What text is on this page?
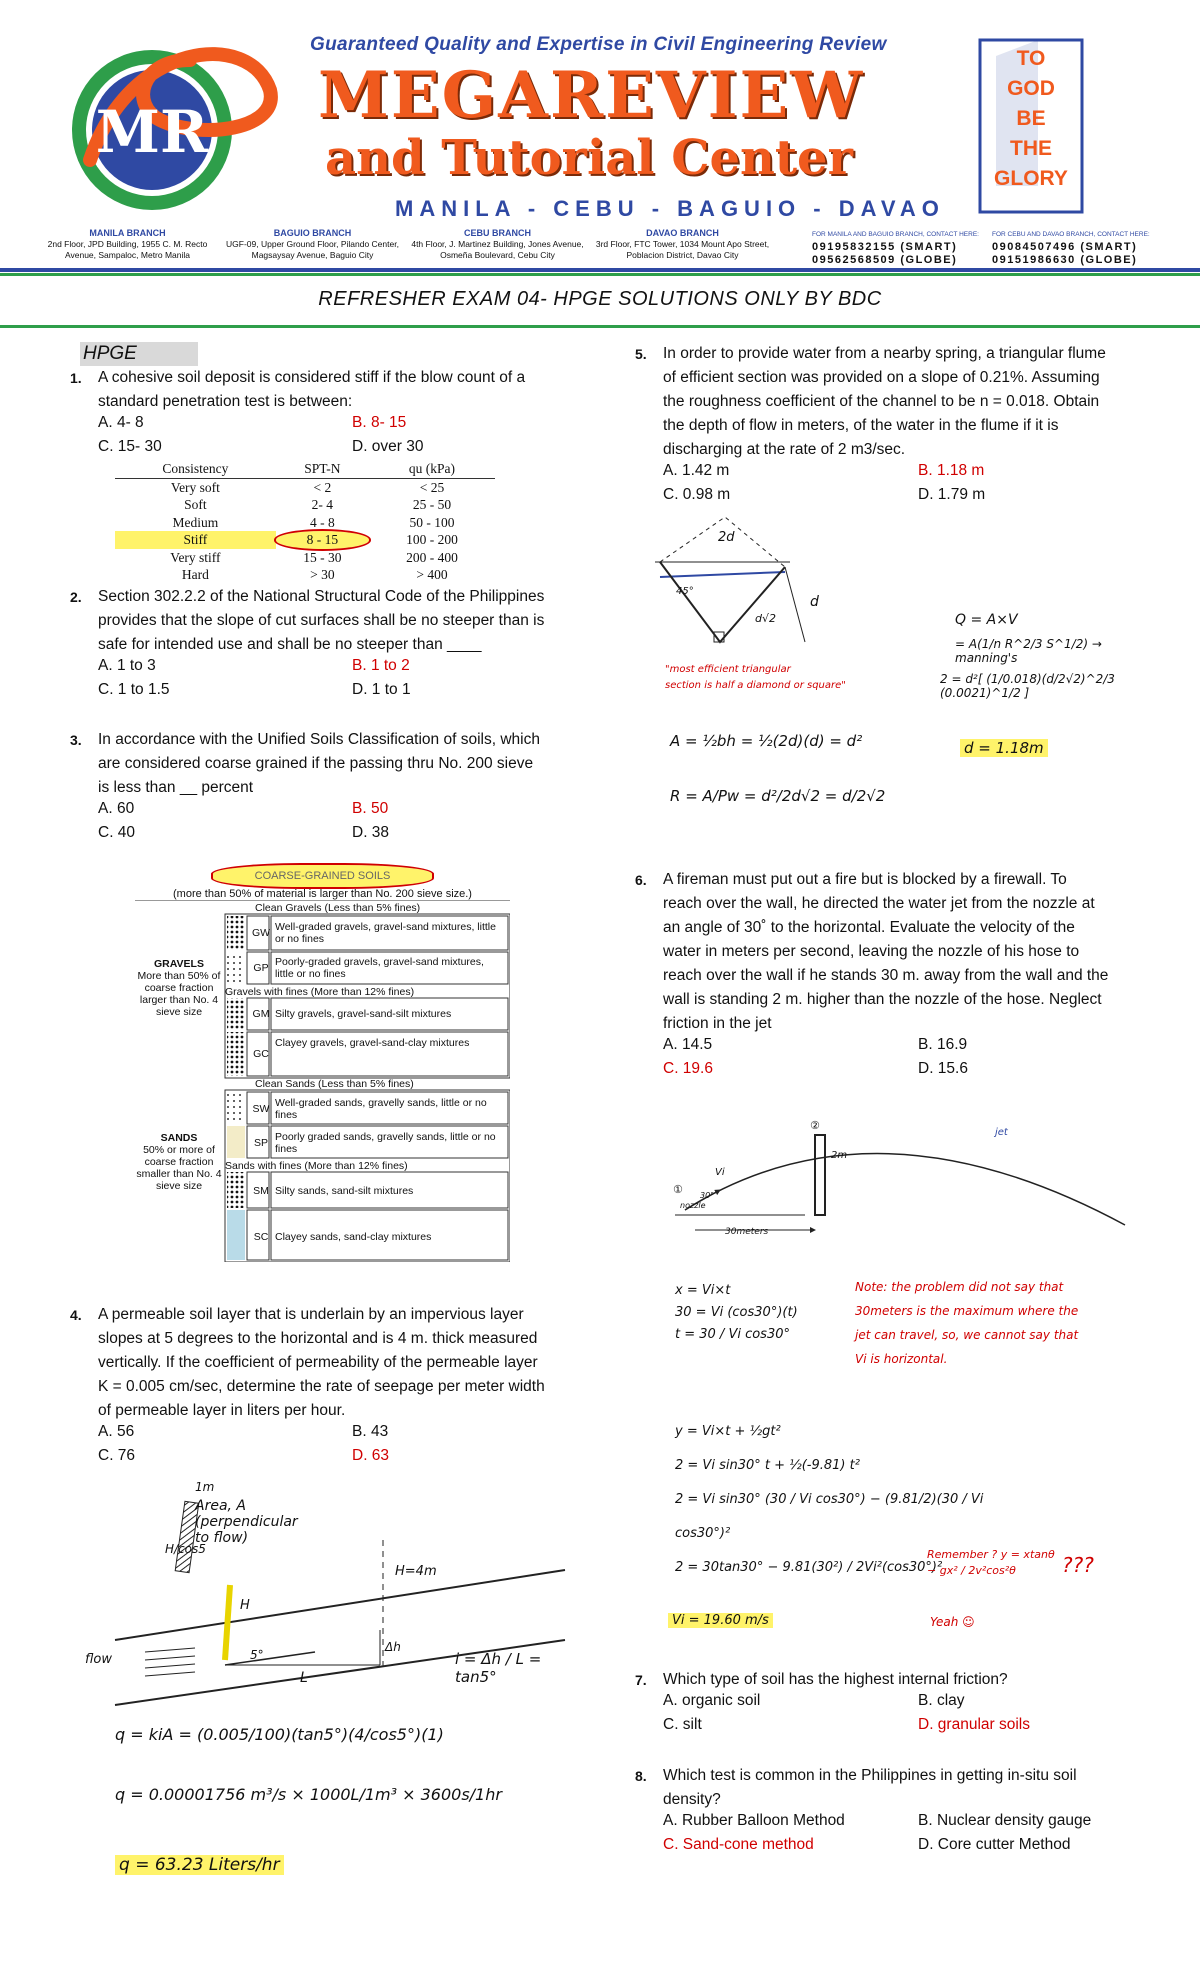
MR
Guaranteed Quality and Expertise in Civil Engineering Review
MEGAREVIEW
and Tutorial Center
MANILA - CEBU - BAGUIO - DAVAO
TO
GOD
BE
THE
GLORY
MANILA BRANCH
2nd Floor, JPD Building, 1955 C. M. Recto Avenue, Sampaloc, Metro Manila
BAGUIO BRANCH
UGF-09, Upper Ground Floor, Pilando Center, Magsaysay Avenue, Baguio City
CEBU BRANCH
4th Floor, J. Martinez Building, Jones Avenue, Osmeña Boulevard, Cebu City
DAVAO BRANCH
3rd Floor, FTC Tower, 1034 Mount Apo Street, Poblacion District, Davao City
FOR MANILA AND BAGUIO BRANCH, CONTACT HERE:
09195832155 (SMART)
09562568509 (GLOBE)
FOR CEBU AND DAVAO BRANCH, CONTACT HERE:
09084507496 (SMART)
09151986630 (GLOBE)
REFRESHER EXAM 04- HPGE SOLUTIONS ONLY BY BDC
HPGE
1. A cohesive soil deposit is considered stiff if the blow count of a
standard penetration test is between:
A. 4- 8	B. 8- 15
C. 15- 30	D. over 30
Consistency	SPT-N	qu (kPa)
Very soft	< 2	< 25
Soft	2- 4	25 - 50
Medium	4 - 8	50 - 100
Stiff	8 - 15	100 - 200
Very stiff	15 - 30	200 - 400
Hard	> 30	> 400
2. Section 302.2.2 of the National Structural Code of the Philippines
provides that the slope of cut surfaces shall be no steeper than is
safe for intended use and shall be no steeper than ____
A. 1 to 3	B. 1 to 2
C. 1 to 1.5	D. 1 to 1
3. In accordance with the Unified Soils Classification of soils, which
are considered coarse grained if the passing thru No. 200 sieve
is less than __ percent
A. 60	B. 50
C. 40	D. 38
COARSE-GRAINED SOILS
(more than 50% of material is larger than No. 200 sieve size.)
GRAVELS
More than 50% of coarse fraction larger than No. 4 sieve size
Clean Gravels (Less than 5% fines)
GW Well-graded gravels, gravel-sand mixtures, little or no fines
GP Poorly-graded gravels, gravel-sand mixtures, little or no fines
Gravels with fines (More than 12% fines)
GM Silty gravels, gravel-sand-silt mixtures
GC
Clayey gravels, gravel-sand-clay mixtures
SANDS
50% or more of coarse fraction smaller than No. 4 sieve size
Clean Sands (Less than 5% fines)
SW Well-graded sands, gravelly sands, little or no fines
SP Poorly graded sands, gravelly sands, little or no fines
Sands with fines (More than 12% fines)
SM Silty sands, sand-silt mixtures
SC Clayey sands, sand-clay mixtures
4. A permeable soil layer that is underlain by an impervious layer
slopes at 5 degrees to the horizontal and is 4 m. thick measured
vertically. If the coefficient of permeability of the permeable layer
K = 0.005 cm/sec, determine the rate of seepage per meter width
of permeable layer in liters per hour.
A. 56	B. 43
C. 76	D. 63
Area, A (perpendicular to flow)
1m
H/cos5
H
H=4m
flow	5°
L
Δh
i = Δh / L = tan5°
q = kiA = (0.005/100)(tan5°)(4/cos5°)(1)
q = 0.00001756 m³/s × 1000L/1m³ × 3600s/1hr
q = 63.23 Liters/hr
5. In order to provide water from a nearby spring, a triangular flume
of efficient section was provided on a slope of 0.21%. Assuming
the roughness coefficient of the channel to be n = 0.018. Obtain
the depth of flow in meters, of the water in the flume if it is
discharging at the rate of 2 m3/sec.
A. 1.42 m	B. 1.18 m
C. 0.98 m	D. 1.79 m
2d
d
45°
d√2
"most efficient triangular
section is half a diamond or square"
A = ½bh = ½(2d)(d) = d²
R = A/Pw = d²/2d√2 = d/2√2
Q = A×V
= A(1/n R^2/3 S^1/2) → manning's
2 = d²[ (1/0.018)(d/2√2)^2/3 (0.0021)^1/2 ]
d = 1.18m
6. A fireman must put out a fire but is blocked by a firewall. To
reach over the wall, he directed the water jet from the nozzle at
an angle of 30˚ to the horizontal. Evaluate the velocity of the
water in meters per second, leaving the nozzle of his hose to
reach over the wall if he stands 30 m. away from the wall and the
wall is standing 2 m. higher than the nozzle of the hose. Neglect
friction in the jet
A. 14.5	B. 16.9
C. 19.6	D. 15.6
①
②
Vi
30°
nozzle
30meters
2m
jet
x = Vi×t
30 = Vi (cos30°)(t)
t = 30 / Vi cos30°
y = Vi×t + ½gt²
2 = Vi sin30° t + ½(-9.81) t²
2 = Vi sin30° (30 / Vi cos30°) − (9.81/2)(30 / Vi cos30°)²
2 = 30tan30° − 9.81(30²) / 2Vi²(cos30°)²
Note: the problem did not say that 30meters is the maximum where the jet can travel, so, we cannot say that Vi is horizontal.
Remember ? y = xtanθ − gx² / 2v²cos²θ	???
Yeah ☺
Vi = 19.60 m/s
7. Which type of soil has the highest internal friction?
A. organic soil	B. clay
C. silt	D. granular soils
8. Which test is common in the Philippines in getting in-situ soil
density?
A. Rubber Balloon Method	B. Nuclear density gauge
C. Sand-cone method	D. Core cutter Method
